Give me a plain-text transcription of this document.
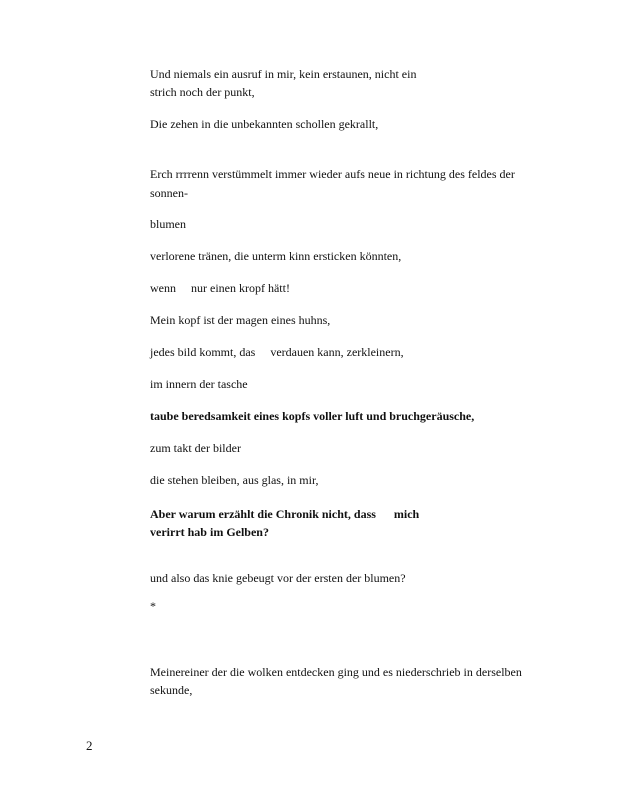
Und niemals ein ausruf in mir, kein erstaunen, nicht ein

strich noch der punkt,

Die zehen in die unbekannten schollen gekrallt,

Erch rrrrenn verstümmelt immer wieder aufs neue in richtung des feldes der

sonnen-

blumen

verlorene tränen, die unterm kinn ersticken könnten,

wenn     nur einen kropf hätt!

Mein kopf ist der magen eines huhns,

jedes bild kommt, das     verdauen kann, zerkleinern,

im innern der tasche

taube beredsamkeit eines kopfs voller luft und bruchgeräusche,

zum takt der bilder

die stehen bleiben, aus glas, in mir,

Aber warum erzählt die Chronik nicht, dass      mich

verirrt hab im Gelben?

und also das knie gebeugt vor der ersten der blumen?

*

Meinereiner der die wolken entdecken ging und es niederschrieb in derselben

sekunde,

2
